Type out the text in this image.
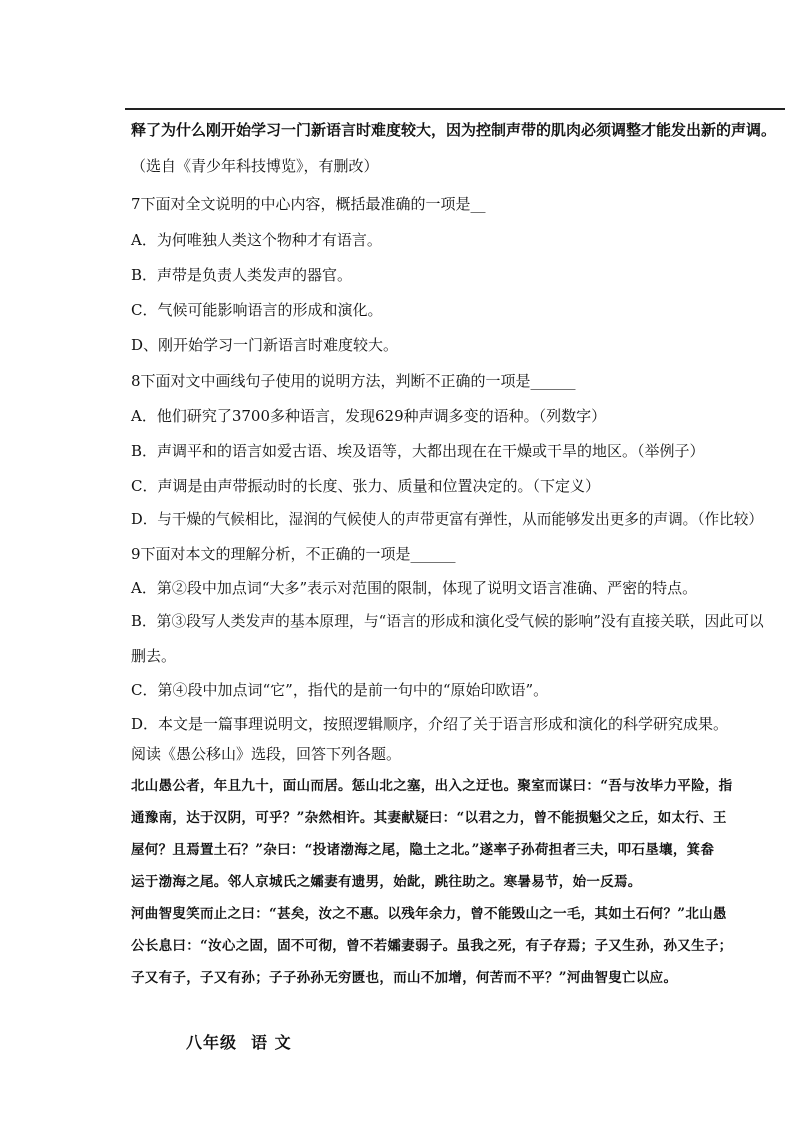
释了为什么刚开始学习一门新语言时难度较大，因为控制声带的肌肉必须调整才能发出新的声调。

（选自《青少年科技博览》，有删改）

7下面对全文说明的中心内容，概括最准确的一项是__

A．为何唯独人类这个物种才有语言。

B．声带是负责人类发声的器官。

C．气候可能影响语言的形成和演化。

D、刚开始学习一门新语言时难度较大。

8下面对文中画线句子使用的说明方法，判断不正确的一项是______

A．他们研究了3700多种语言，发现629种声调多变的语种。（列数字）

B．声调平和的语言如爱古语、埃及语等，大都出现在在干燥或干旱的地区。（举例子）

C．声调是由声带振动时的长度、张力、质量和位置决定的。（下定义）

D．与干燥的气候相比，湿润的气候使人的声带更富有弹性，从而能够发出更多的声调。（作比较）

9下面对本文的理解分析，不正确的一项是______

A．第②段中加点词“大多”表示对范围的限制，体现了说明文语言准确、严密的特点。

B．第③段写人类发声的基本原理，与“语言的形成和演化受气候的影响”没有直接关联，因此可以

删去。

C．第④段中加点词“它”，指代的是前一句中的“原始印欧语”。

D．本文是一篇事理说明文，按照逻辑顺序，介绍了关于语言形成和演化的科学研究成果。

阅读《愚公移山》选段，回答下列各题。

北山愚公者，年且九十，面山而居。惩山北之塞，出入之迂也。聚室而谋曰：“吾与汝毕力平险，指

通豫南，达于汉阴，可乎？”杂然相许。其妻献疑曰：“以君之力，曾不能损魁父之丘，如太行、王

屋何？且焉置土石？”杂曰：“投诸渤海之尾，隐土之北。”遂率子孙荷担者三夫，叩石垦壤，箕畚

运于渤海之尾。邻人京城氏之孀妻有遗男，始龀，跳往助之。寒暑易节，始一反焉。

河曲智叟笑而止之曰：“甚矣，汝之不惠。以残年余力，曾不能毁山之一毛，其如土石何？”北山愚

公长息曰：“汝心之固，固不可彻，曾不若孀妻弱子。虽我之死，有子存焉；子又生孙，孙又生子；

子又有子，子又有孙；子子孙孙无穷匮也，而山不加增，何苦而不平？”河曲智叟亡以应。

八年级 语 文
